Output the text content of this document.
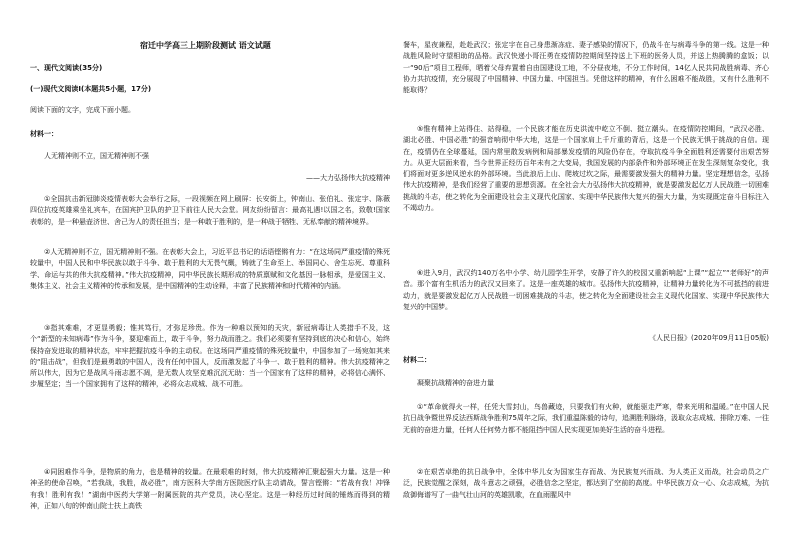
宿迁中学高三上期阶段测试 语文试题
一、现代文阅读(35分)
(一)现代文阅读Ⅰ(本题共5小题，17分)
阅读下面的文字，完成下面小题。
材料一：
人无精神则不立，国无精神则不强
——大力弘扬伟大抗疫精神
①全国抗击新冠肺炎疫情表彰大会举行之际，一段视频在网上刷屏：长安街上，钟南山、张伯礼、张定宇、陈薇四位抗疫英雄乘坐礼宾车，在国宾护卫队的护卫下前往人民大会堂。网友纷纷留言：最高礼遇!以国之名，致敬!国家表彰的，是一种悬壶济世、舍己为人的责任担当；是一种敢于胜利的，是一种战于牺牲、无私奉献的精神境界。
②人无精神则不立，国无精神则不强。在表彰大会上，习近平总书记的话语铿锵有力：“在这场同严重疫情的殊死较量中，中国人民和中华民族以敢于斗争、敢于胜利的大无畏气概，铸就了生命至上、举国同心、舍生忘死、尊重科学、命运与共的伟大抗疫精神。”伟大抗疫精神，同中华民族长期形成的特质禀赋和文化基因一脉相承，是爱国主义、集体主义、社会主义精神的传承和发展，是中国精神的生动诠释，丰富了民族精神和时代精神的内涵。
③指其难难，才更显勇毅；惟其笃行，才弥足珍贵。作为一种难以预知的天灾，新冠病毒让人类措手不及，这个“新型的未知病毒”作为斗争，要迎难而上，敢于斗争，努力战而胜之。我们必须要有坚持到底的决心和信心，始终保持奋发进取的精神状态，牢牢把握抗疫斗争的主动权。在这场同严重疫情的殊死较量中，中国参加了一场宛如其来的“阻击战”，但我们是最勇敢的中国人，没有任何中国人，反而激发起了斗争一、敢于胜利的精神。伟大抗疫精神之所以伟大，因为它是战风斗雨志愿不凋，是无数人攻坚克难沉沉无助：当一个国家有了这样的精神，必将信心满怀、步履坚定；当一个国家拥有了这样的精神，必将众志成城、战不可胜。
④同困难作斗争，是物质的角力，也是精神的较量。在最艰难的时刻，伟大抗疫精神汇聚起强大力量。这是一种神圣的使命召唤，“若我战，我胜，战必胜”，南方医科大学南方医院医疗队主动请战，誓言铿锵：“若战有我！冲锋有我！胜利有我！”湖南中医药大学第一附属医院的共产党员，决心坚定。这是一种经历过时间的锤炼而得到的精神，正如八旬的钟南山院士扶上高铁
餐车，星夜兼程，赴赴武汉；张定宇在自己身患渐冻症、妻子感染的情况下，仍战斗在与病毒斗争的第一线。这是一种战胜风险时守望相助的品格。武汉快递小哥汪勇在疫情防控期间坚持送上下班的医务人员，并送上热腾腾的盒饭；以一“90后”项目工程师，晒着父母弃置着自由国建设工地，不分昼夜地，不分工作时间，14亿人民共同战胜病毒、齐心协力共抗疫情，充分展现了中国精神、中国力量、中国担当。凭借这样的精神，有什么困难不能战胜，又有什么胜利不能取得？
⑤惟有精神上站得住、站得稳，一个民族才能在历史洪流中屹立不倒、挺立潮头。在疫情防控期间，“武汉必胜、湖北必胜、中国必胜”的强音响彻中华大地，这是一个国家肩上千斤重的背后，这是一个民族无惧于挑战的自信。现在，疫情仍在全球蔓延，国内常里散发病例和局部暴发疫情的风险仍存在，夺取抗疫斗争全面胜利还需要付出艰苦努力。从更大层面来看，当今世界正经历百年未有之大变局，我国发展的内部条件和外部环境正在发生深刻复杂变化，我们将面对更多逆风逆水的外部环境。当此浪后上山、爬坡过坎之际，最需要激发强大的精神力量。坚定理想信念，弘扬伟大抗疫精神，是我们经营了重要的思想资源。在全社会大力弘扬伟大抗疫精神，就是要激发起亿万人民战胜一切困难挑战的斗志，使之转化为全面建设社会主义现代化国家、实现中华民族伟大复兴的强大力量，为实现既定奋斗目标注入不竭动力。
⑥进入9月，武汉约140万名中小学、幼儿园学生开学，安静了许久的校园又重新响起“上课”“起立”“老师好”的声音。那个富有生机活力的武汉又回来了。这是一座英雄的城市。弘扬伟大抗疫精神，让精神力量转化为不可抵挡的前进动力，就是要激发起亿万人民战胜一切困难挑战的斗志，使之转化为全面建设社会主义现代化国家、实现中华民族伟大复兴的中国梦。
《人民日报》(2020年09月11日05版)
材料二：
凝聚抗战精神的奋进力量
①“革命就得火一样，任凭大雪封山，鸟兽藏迹，只要我们有火种，就能驱走严寒，带来光明和温暖。”在中国人民抗日战争暨世界反法西斯战争胜利75周年之际，我们重温陈毅的诗句，追溯胜利脉络，汲取众志成城、排除万难、一往无前的奋进力量，任何人任何势力都不能阻挡中国人民实现更加美好生活的奋斗进程。
②在艰苦卓绝的抗日战争中，全体中华儿女为国家生存而战、为民族复兴而战、为人类正义而战，社会动员之广泛，民族觉醒之深刻，战斗意志之顽强，必胜信念之坚定，都达到了空前的高度。中华民族万众一心、众志成城，为抗敌御侮谱写了一曲气壮山河的英雄凯歌，在血雨腥风中
